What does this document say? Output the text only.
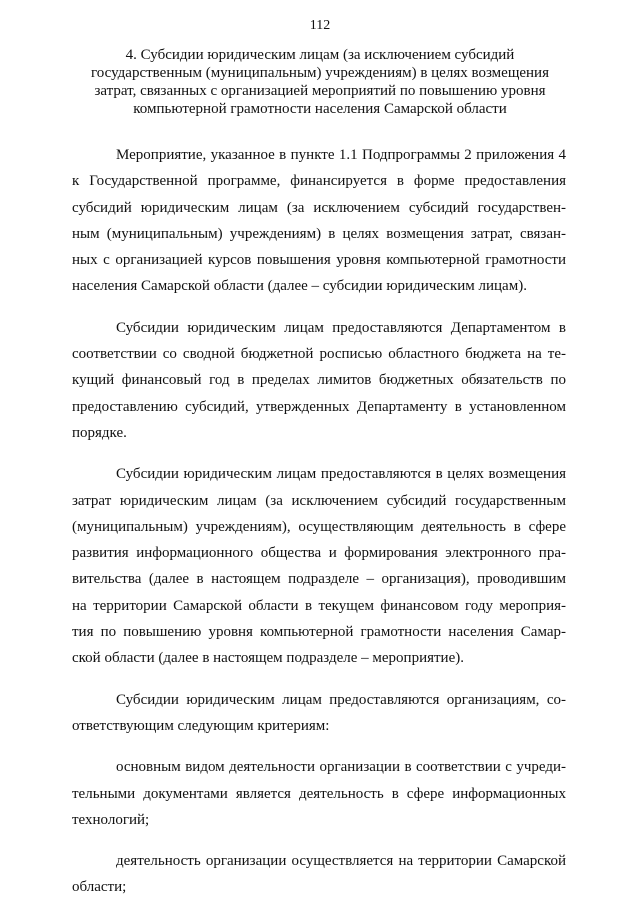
112
4. Субсидии юридическим лицам (за исключением субсидий
государственным (муниципальным) учреждениям) в целях возмещения
затрат, связанных с организацией мероприятий по повышению уровня
компьютерной грамотности населения Самарской области
Мероприятие, указанное в пункте 1.1 Подпрограммы 2 приложения 4
к Государственной программе, финансируется в форме предоставления
субсидий юридическим лицам (за исключением субсидий государствен-
ным (муниципальным) учреждениям) в целях возмещения затрат, связан-
ных с организацией курсов повышения уровня компьютерной грамотности
населения Самарской области (далее – субсидии юридическим лицам).
Субсидии юридическим лицам предоставляются Департаментом в
соответствии со сводной бюджетной росписью областного бюджета на те-
кущий финансовый год в пределах лимитов бюджетных обязательств по
предоставлению субсидий, утвержденных Департаменту в установленном
порядке.
Субсидии юридическим лицам предоставляются в целях возмещения
затрат юридическим лицам (за исключением субсидий государственным
(муниципальным) учреждениям), осуществляющим деятельность в сфере
развития информационного общества и формирования электронного пра-
вительства (далее в настоящем подразделе – организация), проводившим
на территории Самарской области в текущем финансовом году мероприя-
тия по повышению уровня компьютерной грамотности населения Самар-
ской области (далее в настоящем подразделе – мероприятие).
Субсидии юридическим лицам предоставляются организациям, со-
ответствующим следующим критериям:
основным видом деятельности организации в соответствии с учреди-
тельными документами является деятельность в сфере информационных
технологий;
деятельность организации осуществляется на территории Самарской
области;
